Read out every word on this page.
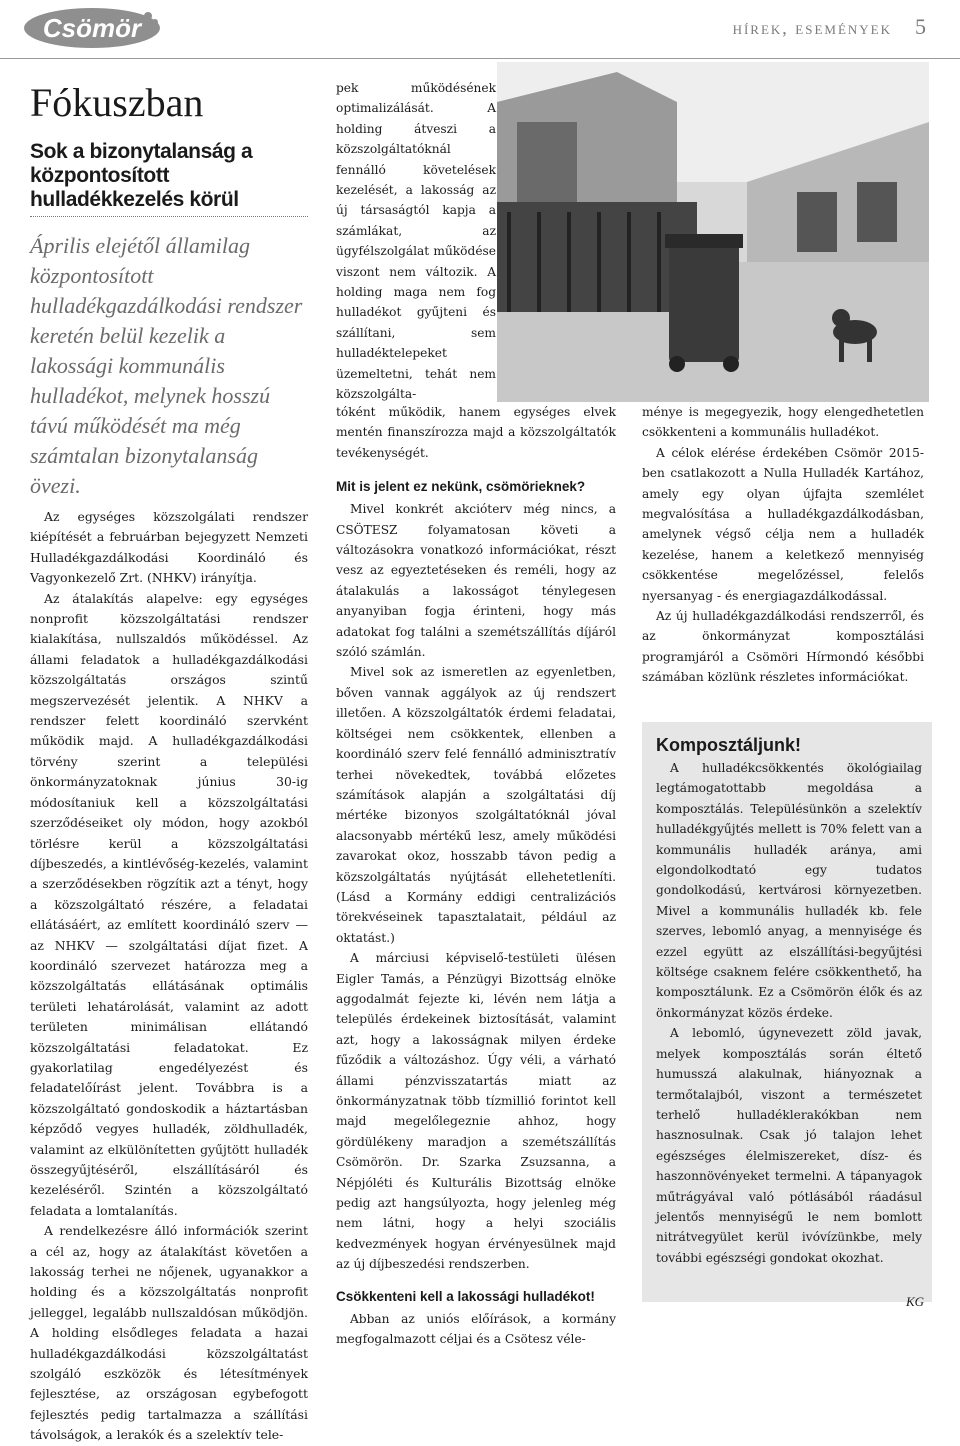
Csömör	hírek, események 5
Fókuszban
Sok a bizonytalanság a központosított hulladékkezelés körül

Április elejétől államilag központosított hulladékgazdálkodási rendszer keretén belül kezelik a lakossági kommunális hulladékot, melynek hosszú távú működését ma még számtalan bizonytalanság övezi.

Az egységes közszolgálati rendszer kiépítését a februárban bejegyzett Nemzeti Hulladékgazdálkodási Koordináló és Vagyonkezelő Zrt. (NHKV) irányítja.

Az átalakítás alapelve: egy egységes nonprofit közszolgáltatási rendszer kialakítása, nullszaldós működéssel. Az állami feladatok a hulladékgazdálkodási közszolgáltatás országos szintű megszervezését jelentik. A NHKV a rendszer felett koordináló szervként működik majd. A hulladékgazdálkodási törvény szerint a települési önkormányzatoknak június 30-ig módosítaniuk kell a közszolgáltatási szerződéseiket oly módon, hogy azokból törlésre kerül a közszolgáltatási díjbeszedés, a kintlévőség-kezelés, valamint a szerződésekben rögzítik azt a tényt, hogy a közszolgáltató részére, a feladatai ellátásáért, az említett koordináló szerv — az NHKV — szolgáltatási díjat fizet. A koordináló szervezet határozza meg a közszolgáltatás ellátásának optimális területi lehatárolását, valamint az adott területen minimálisan ellátandó közszolgáltatási feladatokat. Ez gyakorlatilag engedélyezést és feladatelőírást jelent. Továbbra is a közszolgáltató gondoskodik a háztartásban képződő vegyes hulladék, zöldhulladék, valamint az elkülönítetten gyűjtött hulladék összegyűjtéséről, elszállításáról és kezeléséről. Szintén a közszolgáltató feladata a lomtalanítás.

A rendelkezésre álló információk szerint a cél az, hogy az átalakítást követően a lakosság terhei ne nőjenek, ugyanakkor a holding és a közszolgáltatás nonprofit jelleggel, legalább nullszaldósan működjön. A holding elsődleges feladata a hazai hulladékgazdálkodási közszolgáltatást szolgáló eszközök és létesítmények fejlesztése, az országosan egybefogott fejlesztés pedig tartalmazza a szállítási távolságok, a lerakók és a szelektív tele-

pek működésének optimalizálását. A holding átveszi a közszolgáltatóknál fennálló követelések kezelését, a lakosság az új társaságtól kapja a számlákat, az ügyfélszolgálat működése viszont nem változik. A holding maga nem fog hulladékot gyűjteni és szállítani, sem hulladéktelepeket üzemeltetni, tehát nem közszolgálta-

tóként működik, hanem egységes elvek mentén finanszírozza majd a közszolgáltatók tevékenységét.

Mit is jelent ez nekünk, csömörieknek?

Mivel konkrét akcióterv még nincs, a CSÖTESZ folyamatosan követi a változásokra vonatkozó információkat, részt vesz az egyeztetéseken és reméli, hogy az átalakulás a lakosságot ténylegesen anyanyiban fogja érinteni, hogy más adatokat fog találni a szemétszállítás díjáról szóló számlán.

Mivel sok az ismeretlen az egyenletben, bőven vannak aggályok az új rendszert illetően. A közszolgáltatók érdemi feladatai, költségei nem csökkentek, ellenben a koordináló szerv felé fennálló adminisztratív terhei növekedtek, továbbá előzetes számítások alapján a szolgáltatási díj mértéke bizonyos szolgáltatóknál jóval alacsonyabb mértékű lesz, amely működési zavarokat okoz, hosszabb távon pedig a közszolgáltatás nyújtását ellehetetleníti. (Lásd a Kormány eddigi centralizációs törekvéseinek tapasztalatait, például az oktatást.)

A márciusi képviselő-testületi ülésen Eigler Tamás, a Pénzügyi Bizottság elnöke aggodalmát fejezte ki, lévén nem látja a település érdekeinek biztosítását, valamint azt, hogy a lakosságnak milyen érdeke fűződik a változáshoz. Úgy véli, a várható állami pénzvisszatartás miatt az önkormányzatnak több tízmillió forintot kell majd megelőlegeznie ahhoz, hogy gördülékeny maradjon a szemétszállítás Csömörön. Dr. Szarka Zsuzsanna, a Népjóléti és Kulturális Bizottság elnöke pedig azt hangsúlyozta, hogy jelenleg még nem látni, hogy a helyi szociális kedvezmények hogyan érvényesülnek majd az új díjbeszedési rendszerben.

Csökkenteni kell a lakossági hulladékot!

Abban az uniós előírások, a kormány megfogalmazott céljai és a Csötesz véle-

ménye is megegyezik, hogy elengedhetetlen csökkenteni a kommunális hulladékot.

A célok elérése érdekében Csömör 2015-ben csatlakozott a Nulla Hulladék Kartához, amely egy olyan újfajta szemlélet megvalósítása a hulladékgazdálkodásban, amelynek végső célja nem a hulladék kezelése, hanem a keletkező mennyiség csökkentése megelőzéssel, felelős nyersanyag - és energiagazdálkodással.

Az új hulladékgazdálkodási rendszerről, és az önkormányzat komposztálási programjáról a Csömöri Hírmondó későbbi számában közlünk részletes információkat.

Komposztáljunk!

A hulladékcsökkentés ökológiailag legtámogatottabb megoldása a komposztálás. Településünkön a szelektív hulladékgyűjtés mellett is 70% felett van a kommunális hulladék aránya, ami elgondolkodtató egy tudatos gondolkodású, kertvárosi környezetben. Mivel a kommunális hulladék kb. fele szerves, lebomló anyag, a mennyisége és ezzel együtt az elszállítási-begyűjtési költsége csaknem felére csökkenthető, ha komposztálunk. Ez a Csömörön élők és az önkormányzat közös érdeke.

A lebomló, úgynevezett zöld javak, melyek komposztálás során éltető humusszá alakulnak, hiányoznak a termőtalajból, viszont a természetet terhelő hulladéklerakókban nem hasznosulnak. Csak jó talajon lehet egészséges élelmiszereket, dísz- és haszonnövényeket termelni. A tápanyagok műtrágyával való pótlásából ráadásul jelentős mennyiségű le nem bomlott nitrátvegyület kerül ivóvízünkbe, mely további egészségi gondokat okozhat.

KG
